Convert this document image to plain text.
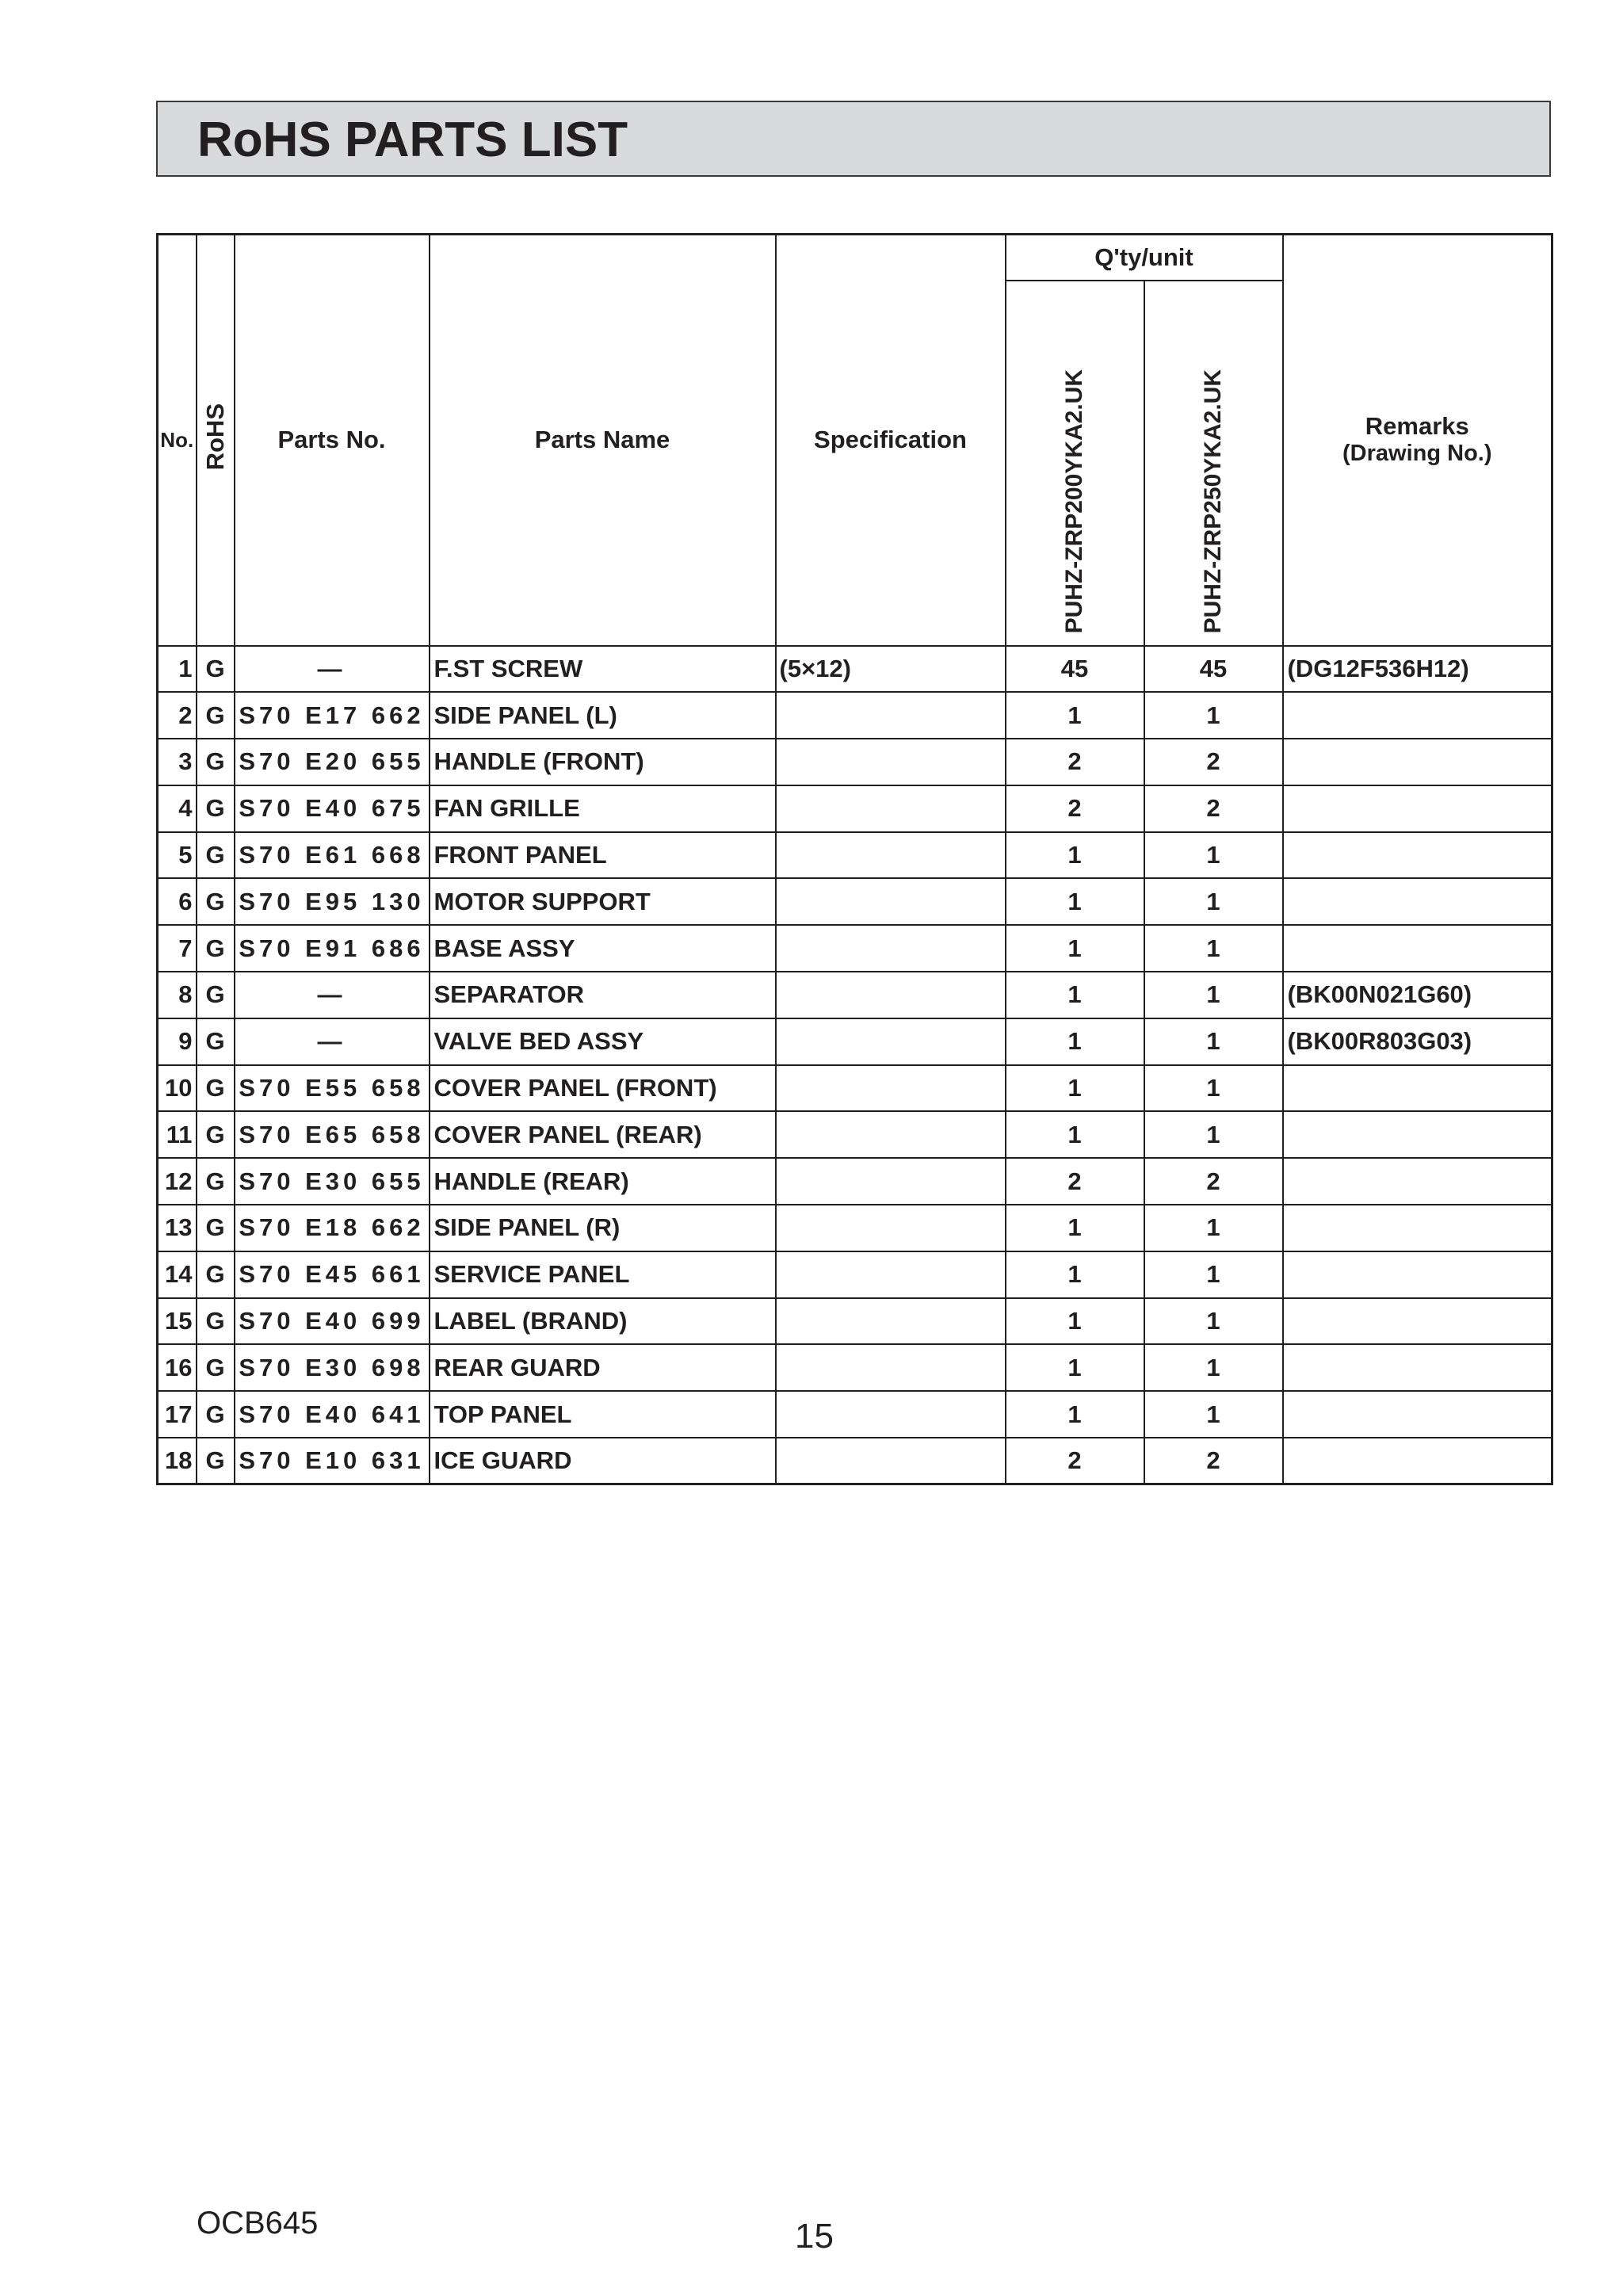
RoHS PARTS LIST
No.	RoHS	Parts No.	Parts Name	Specification	Q'ty/unit		Remarks
(Drawing No.)

					PUHZ-ZRP200YKA2.UK	PUHZ-ZRP250YKA2.UK	
1	G	—	F.ST SCREW	(5×12)	45	45	(DG12F536H12)
2	G	S70 E17 662	SIDE PANEL (L)		1	1	
3	G	S70 E20 655	HANDLE (FRONT)		2	2	
4	G	S70 E40 675	FAN GRILLE		2	2	
5	G	S70 E61 668	FRONT PANEL		1	1	
6	G	S70 E95 130	MOTOR SUPPORT		1	1	
7	G	S70 E91 686	BASE ASSY		1	1	
8	G	—	SEPARATOR		1	1	(BK00N021G60)
9	G	—	VALVE BED ASSY		1	1	(BK00R803G03)
10	G	S70 E55 658	COVER PANEL (FRONT)		1	1	
11	G	S70 E65 658	COVER PANEL (REAR)		1	1	
12	G	S70 E30 655	HANDLE (REAR)		2	2	
13	G	S70 E18 662	SIDE PANEL (R)		1	1	
14	G	S70 E45 661	SERVICE PANEL		1	1	
15	G	S70 E40 699	LABEL (BRAND)		1	1	
16	G	S70 E30 698	REAR GUARD		1	1	
17	G	S70 E40 641	TOP PANEL		1	1	
18	G	S70 E10 631	ICE GUARD		2	2	
OCB645	15
